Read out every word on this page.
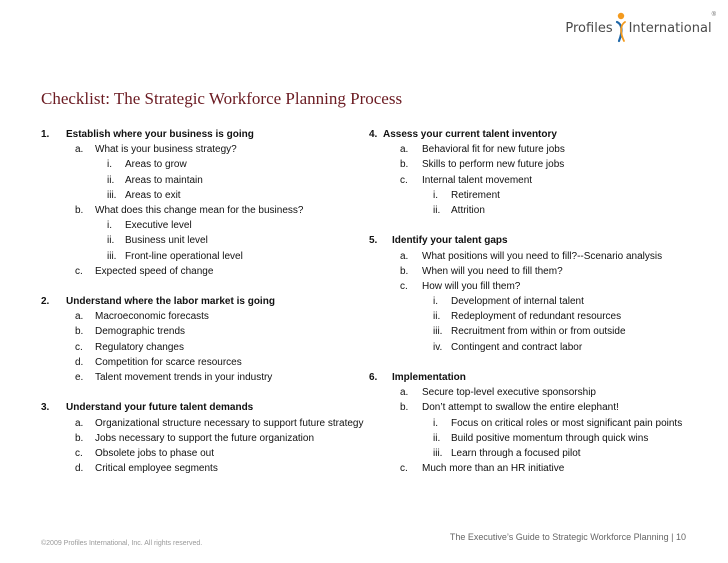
Profiles International
®
Checklist: The Strategic Workforce Planning Process
1. Establish where your business is going
a. What is your business strategy?
i. Areas to grow
ii. Areas to maintain
iii. Areas to exit
b. What does this change mean for the business?
i. Executive level
ii. Business unit level
iii. Front-line operational level
c. Expected speed of change
2. Understand where the labor market is going
a. Macroeconomic forecasts
b. Demographic trends
c. Regulatory changes
d. Competition for scarce resources
e. Talent movement trends in your industry
3. Understand your future talent demands
a. Organizational structure necessary to support future strategy
b. Jobs necessary to support the future organization
c. Obsolete jobs to phase out
d. Critical employee segments
4. Assess your current talent inventory
a. Behavioral fit for new future jobs
b. Skills to perform new future jobs
c. Internal talent movement
i. Retirement
ii. Attrition
5. Identify your talent gaps
a. What positions will you need to fill?--Scenario analysis
b. When will you need to fill them?
c. How will you fill them?
i. Development of internal talent
ii. Redeployment of redundant resources
iii. Recruitment from within or from outside
iv. Contingent and contract labor
6. Implementation
a. Secure top-level executive sponsorship
b. Don’t attempt to swallow the entire elephant!
i. Focus on critical roles or most significant pain points
ii. Build positive momentum through quick wins
iii. Learn through a focused pilot
c. Much more than an HR initiative
©2009 Profiles International, Inc. All rights reserved.
The Executive’s Guide to Strategic Workforce Planning | 10
